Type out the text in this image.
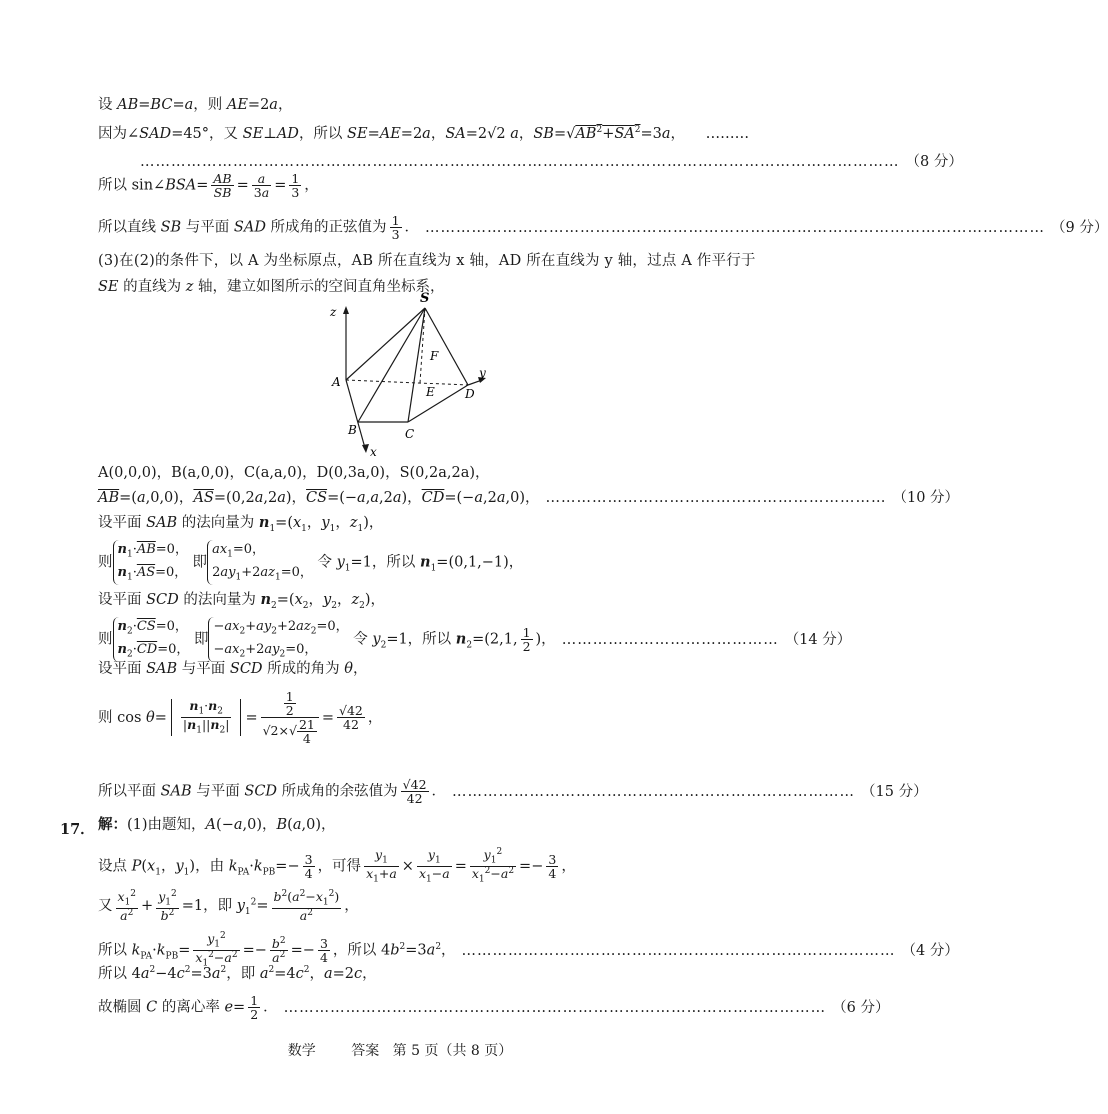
设 AB=BC=a，则 AE=2a，
因为∠SAD=45°，又 SE⊥AD，所以 SE=AE=2a，SA=2√2 a，$SB=√AB^2+SA^2=3a$， ………
………………………………………………………………………………………………………………………………… （8 分）
所以 sin∠BSA= $\frac{AB}{SB} = \frac{a}{3a} = \frac{1}{3}$ ，
所以直线 SB 与平面 SAD 所成角的正弦值为 $\frac{1}{3}$ ． ………………………………………………………………………………………………………… （9 分）
(3)在(2)的条件下，以 A 为坐标原点，AB 所在直线为 x 轴，AD 所在直线为 y 轴，过点 A 作平行于
SE 的直线为 z 轴，建立如图所示的空间直角坐标系，
S
z
F
y
A
E	D
B	C
x
A(0,0,0)，B(a,0,0)，C(a,a,0)，D(0,3a,0)，S(0,2a,2a)，
$\overline{AB}=(a,0,0)$，$\overline{AS}=(0,2a,2a)$，$\overline{CS}=(-a,a,2a)$，$\overline{CD}=(-a,2a,0)$， ………………………………………………………… （10 分）
设平面 SAB 的法向量为 $n_1=(x_1$，$y_1$，$z_1$)，
则
$n_1\cdot\overline{AB}=0$，
$n_1\cdot\overline{AS}=0$，
即
$ax_1=0$，
$2ay_1+2az_1=0$，
令 $y_1=1$，所以 $n_1=(0,1,-1)$，
设平面 SCD 的法向量为 $n_2=(x_2$，$y_2$，$z_2$)，
则
$n_2\cdot\overline{CS}=0$，
$n_2\cdot\overline{CD}=0$，
即
$-ax_2+ay_2+2az_2=0$，
$-ax_2+2ay_2=0$，
令 $y_2=1$，所以 $n_2=(2,1$, $\frac{1}{2}$ )， …………………………………… （14 分）
设平面 SAB 与平面 SCD 所成的角为 θ，
则 $\cos \theta= \frac{n_1\cdot n_2}{|n_1||n_2|} = \frac{\frac{1}{2}}{√2\times√ \frac{21}{4}} = \frac{√42}{42}$ ，
所以平面 SAB 与平面 SCD 所成角的余弦值为 $\frac{√42}{42}$ ． …………………………………………………………………… （15 分）
17． 解：(1)由题知，A(−a,0)，B(a,0)，
设点 $P(x_1$，$y_1$)，由 $k_{PA}\cdot k_{PB}=- \frac{3}{4}$ ，可得 $\frac{y_1}{x_1+a} \times \frac{y_1}{x_1-a} = \frac{y_1^2}{x_1^2-a^2} =- \frac{3}{4}$ ，
又 $\frac{x_1^2}{a^2} + \frac{y_1^2}{b^2} =1$，即 $y_1^2= \frac{b^2(a^2-x_1^2)}{a^2}$ ，
所以 $k_{PA}\cdot k_{PB}= \frac{y_1^2}{x_1^2-a^2} =- \frac{b^2}{a^2} =- \frac{3}{4}$ ，所以 $4b^2=3a^2$， ………………………………………………………………………… （4 分）
所以 $4a^2-4c^2=3a^2$，即 $a^2=4c^2$，a=2c，
故椭圆 C 的离心率 $e= \frac{1}{2}$ ． …………………………………………………………………………………………… （6 分）
数学        答案   第 5 页（共 8 页）
